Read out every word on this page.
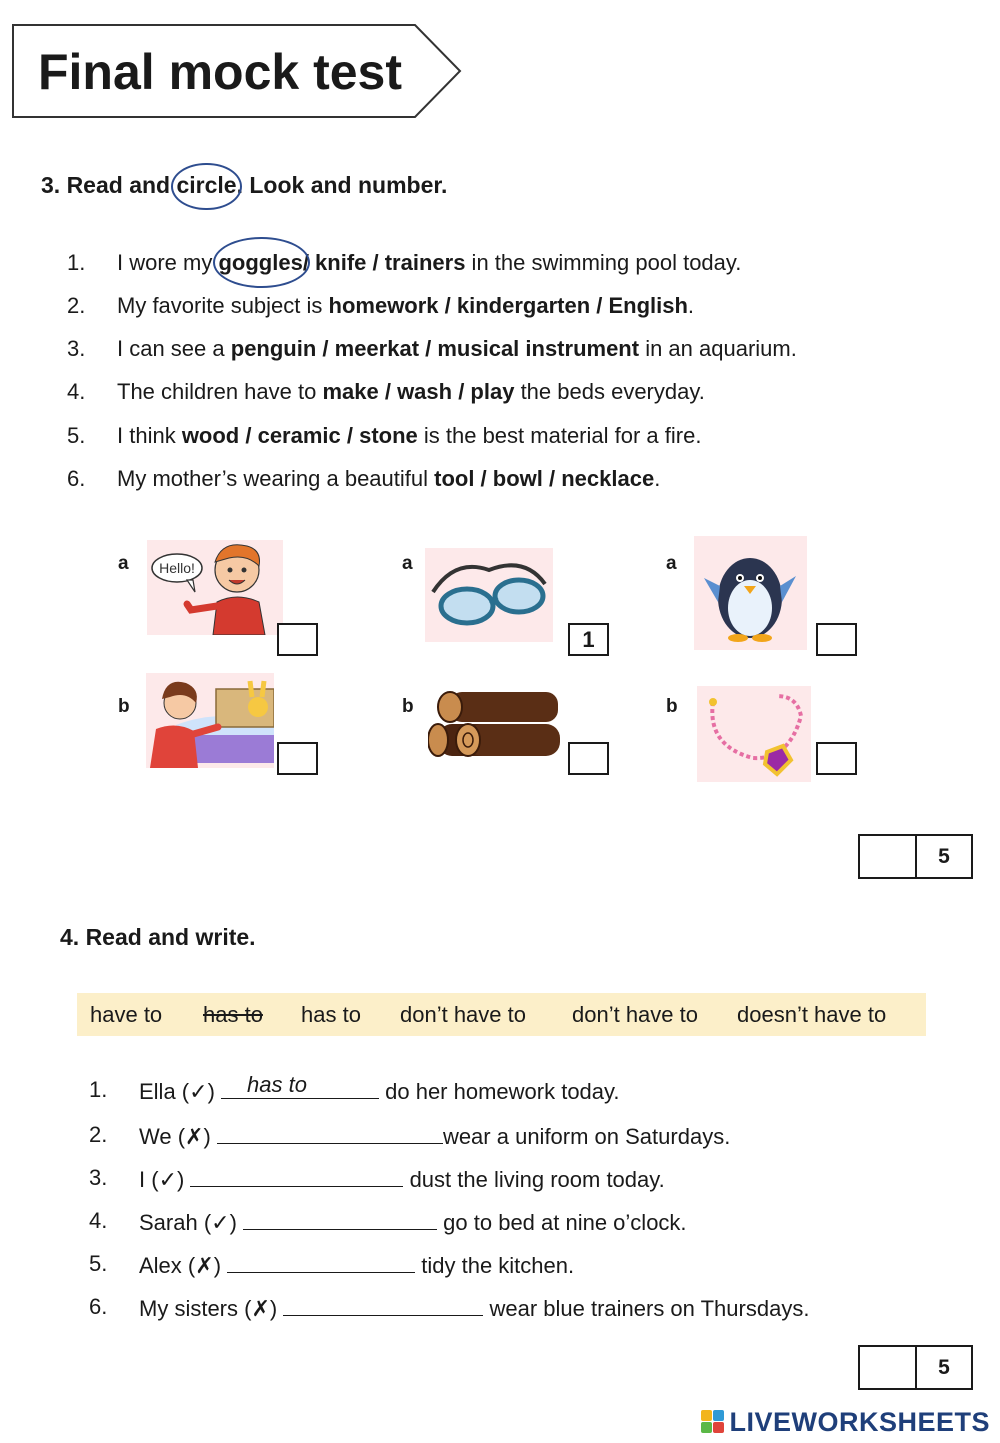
Final mock test
3. Read and circle. Look and number.
1. I wore my goggles/ knife / trainers in the swimming pool today.
2. My favorite subject is homework / kindergarten / English.
3. I can see a penguin / meerkat / musical instrument in an aquarium.
4. The children have to make / wash / play the beds everyday.
5. I think wood / ceramic / stone is the best material for a fire.
6. My mother’s wearing a beautiful tool / bowl / necklace.
a Hello!	a
1
a
b	b	b
5
4. Read and write.
have to has to has to don’t have to don’t have to doesn’t have to
1. Ella (✓) has to	do her homework today.
2. We (✗)	wear a uniform on Saturdays.
3. I (✓)	dust the living room today.
4. Sarah (✓)	go to bed at nine o’clock.
5. Alex (✗)	tidy the kitchen.
6. My sisters (✗)	wear blue trainers on Thursdays.
5
LIVEWORKSHEETS
